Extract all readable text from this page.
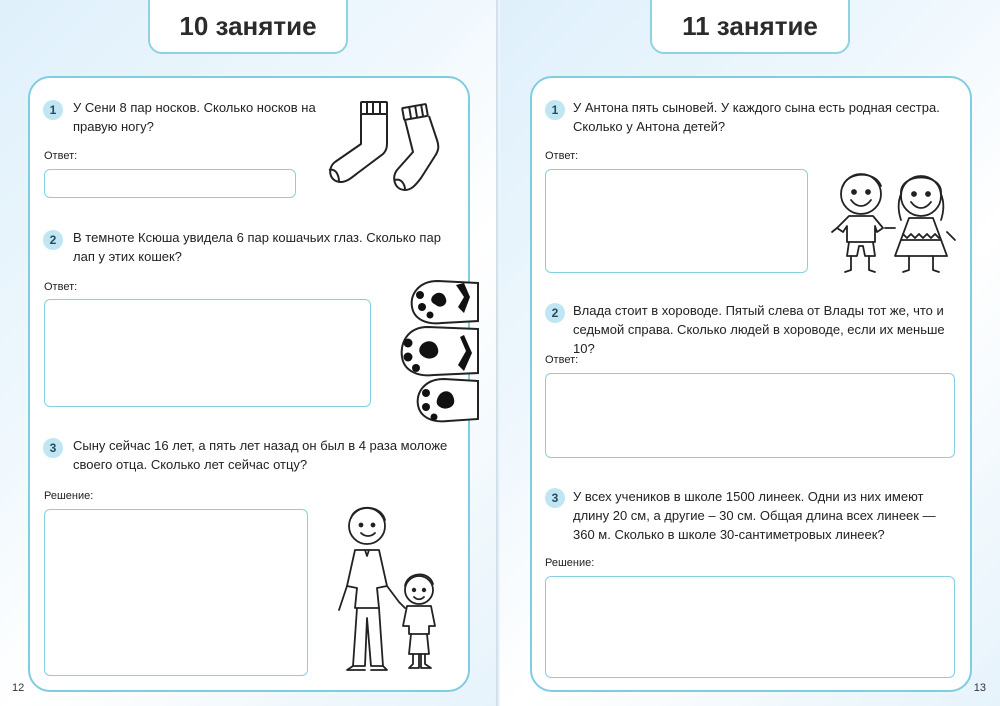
10 занятие
1	У Сени 8 пар носков. Сколько носков на правую ногу?
Ответ:
2	В темноте Ксюша увидела 6 пар кошачьих глаз. Сколько пар лап у этих кошек?
Ответ:
3	Сыну сейчас 16 лет, а пять лет назад он был в 4 раза моложе своего отца. Сколько лет сейчас отцу?
Решение:
12
11 занятие
1	У Антона пять сыновей. У каждого сына есть родная сестра. Сколько у Антона детей?
Ответ:
2	Влада стоит в хороводе. Пятый слева от Влады тот же, что и седьмой справа. Сколько людей в хороводе, если их меньше 10?
Ответ:
3	У всех учеников в школе 1500 линеек. Одни из них имеют длину 20 см, а другие – 30 см. Общая длина всех линеек — 360 м. Сколько в школе 30-сантиметровых линеек?
Решение:
13
